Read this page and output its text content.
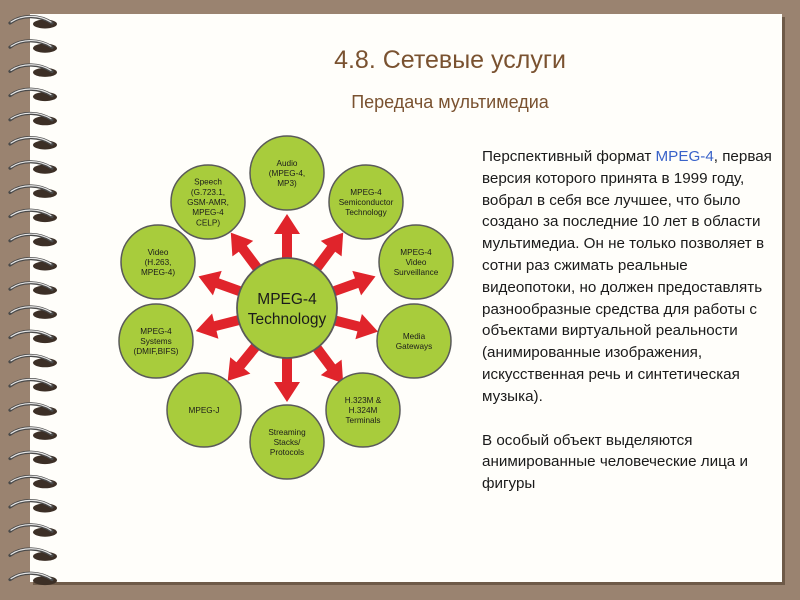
4.8. Сетевые услуги
Передача мультимедиа
Audio
(MPEG-4,
MP3)
MPEG-4
Semiconductor
Technology
MPEG-4
Video
Surveillance
Media
Gateways
H.323M &
H.324M
Terminals
Streaming
Stacks/
Protocols
MPEG-J
MPEG-4
Systems
(DMIF,BIFS)
Video
(H.263,
MPEG-4)
Speech
(G.723.1,
GSM-AMR,
MPEG-4
CELP)
MPEG-4
Technology

Перспективный формат MPEG-4, первая версия которого принята в 1999 году, вобрал в себя все лучшее, что было создано за последние 10 лет в области мультимедиа. Он не только позволяет в сотни раз сжимать реальные видеопотоки, но должен предоставлять разнообразные средства для работы с объектами виртуальной реальности (анимированные изображения, искусственная речь и синтетическая музыка).

В особый объект выделяются анимированные человеческие лица и фигуры
